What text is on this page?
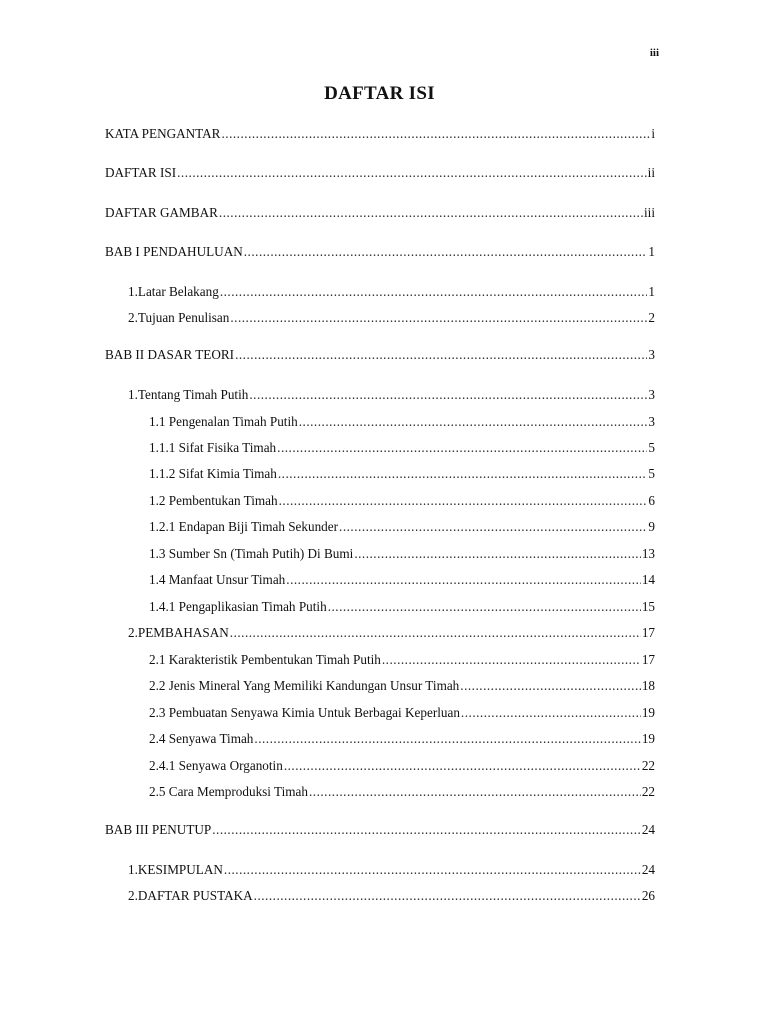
iii
DAFTAR ISI
KATA PENGANTAR .....	i
DAFTAR ISI .....	ii
DAFTAR GAMBAR .....	iii
BAB I PENDAHULUAN .....	1
1. Latar Belakang .....	1
2. Tujuan Penulisan .....	2
BAB II DASAR TEORI .....	3
1. Tentang Timah Putih .....	3
1.1 Pengenalan Timah Putih .....	3
1.1.1 Sifat Fisika Timah .....	5
1.1.2 Sifat Kimia Timah .....	5
1.2 Pembentukan Timah .....	6
1.2.1 Endapan Biji Timah Sekunder .....	9
1.3 Sumber Sn (Timah Putih) Di Bumi .....	13
1.4 Manfaat Unsur Timah .....	14
1.4.1 Pengaplikasian Timah Putih .....	15
2. PEMBAHASAN .....	17
2.1 Karakteristik Pembentukan Timah Putih .....	17
2.2 Jenis Mineral Yang Memiliki Kandungan Unsur Timah .....	18
2.3 Pembuatan Senyawa Kimia Untuk Berbagai Keperluan .....	19
2.4 Senyawa Timah .....	19
2.4.1 Senyawa Organotin .....	22
2.5 Cara Memproduksi Timah .....	22
BAB III PENUTUP .....	24
1. KESIMPULAN .....	24
2. DAFTAR PUSTAKA .....	26
